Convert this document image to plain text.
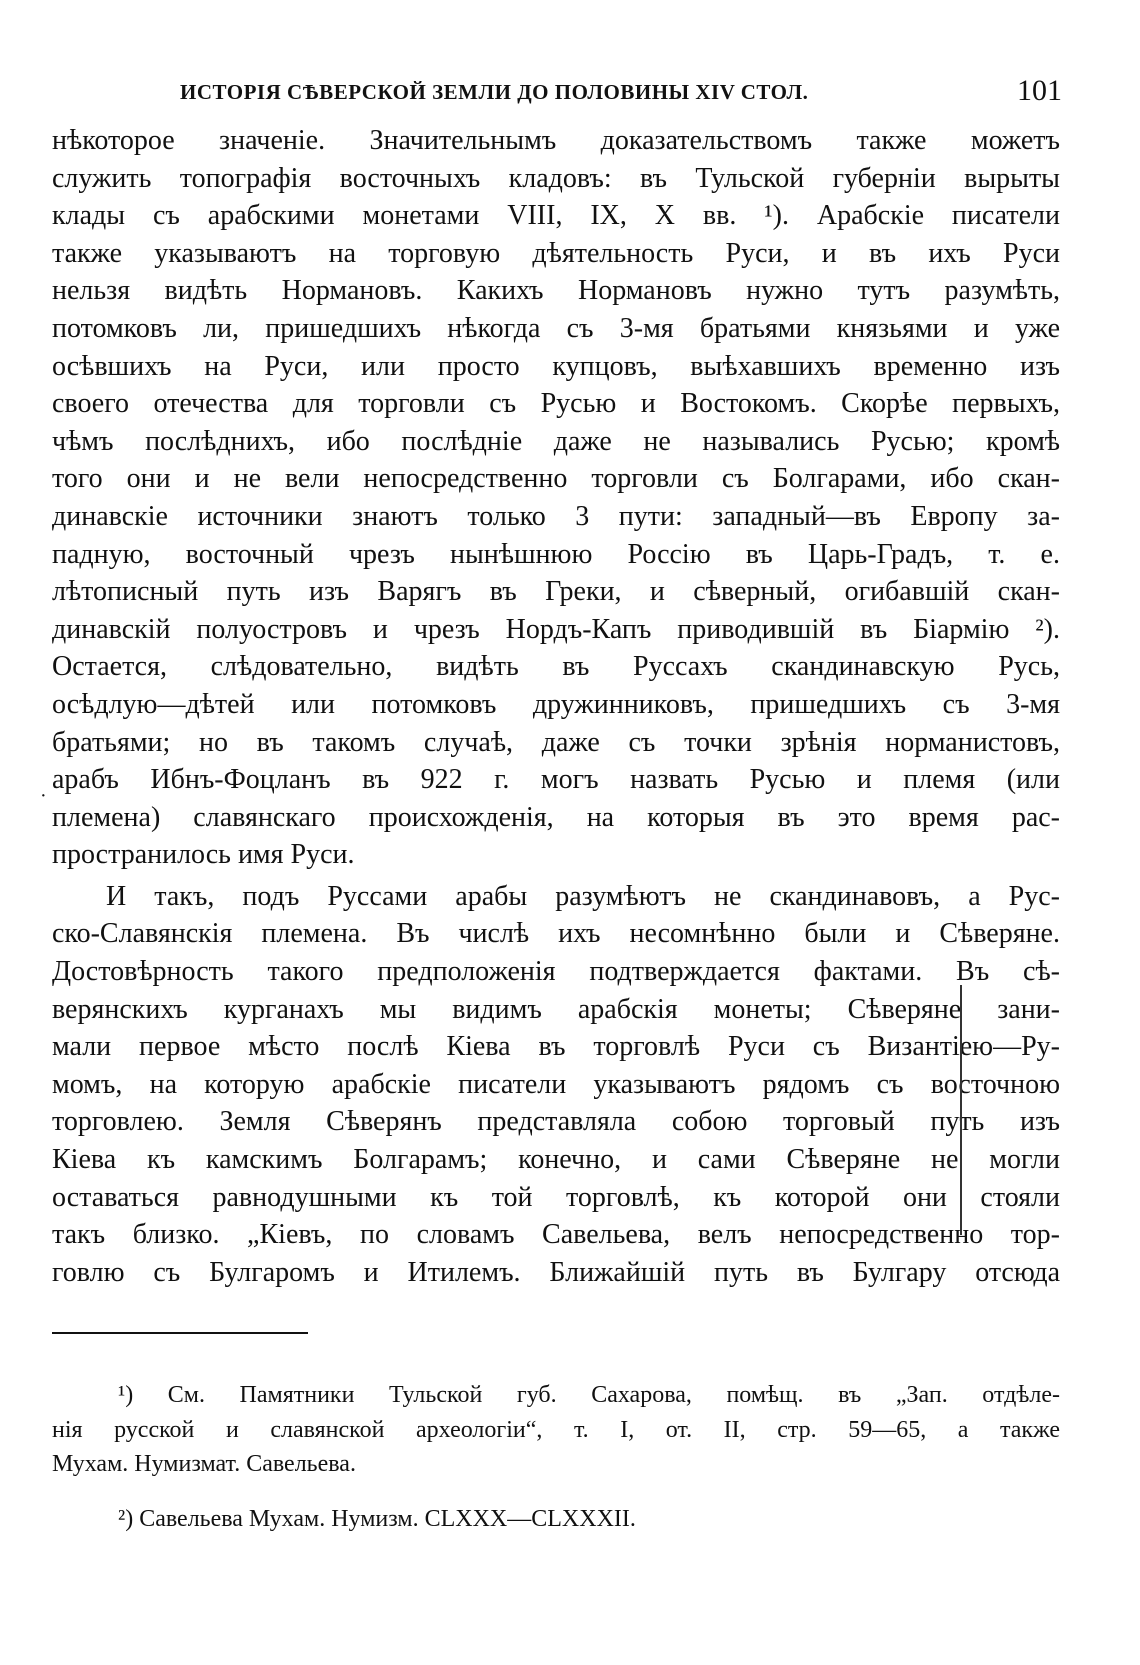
ИСТОРІЯ СѢВЕРСКОЙ ЗЕМЛИ ДО ПОЛОВИНЫ XIV СТОЛ.	101
нѣкоторое значеніе. Значительнымъ доказательствомъ также можетъ
служить топографія восточныхъ кладовъ: въ Тульской губерніи вырыты
клады съ арабскими монетами VIII, IX, X вв. ¹). Арабскіе писатели
также указываютъ на торговую дѣятельность Руси, и въ ихъ Руси
нельзя видѣть Норманoвъ. Какихъ Норманoвъ нужно тутъ разумѣть,
потомковъ ли, пришедшихъ нѣкогда съ 3-мя братьями князьями и уже
осѣвшихъ на Руси, или просто купцовъ, выѣхавшихъ временно изъ
своего отечества для торговли съ Русью и Востокомъ. Скорѣе первыхъ,
чѣмъ послѣднихъ, ибо послѣдніе даже не назывались Русью; кромѣ
того они и не вели непосредственно торговли съ Болгарами, ибо скан-
динавскіе источники знаютъ только 3 пути: западный—въ Европу за-
падную, восточный чрезъ нынѣшнюю Россію въ Царь-Градъ, т. е.
лѣтописный путь изъ Варягъ въ Греки, и сѣверный, огибавшій скан-
динавскій полуостровъ и чрезъ Нордъ-Капъ приводившій въ Біармію ²).
Остается, слѣдовательно, видѣть въ Руссахъ скандинавскую Русь,
осѣдлую—дѣтей или потомковъ дружинниковъ, пришедшихъ съ 3-мя
братьями; но въ такомъ случаѣ, даже съ точки зрѣнія норманистовъ,
арабъ Ибнъ-Фоцланъ въ 922 г. могъ назвать Русью и племя (или
племена) славянскаго происхожденія, на которыя въ это время рас-
пространилось имя Руси.
И такъ, подъ Руссами арабы разумѣютъ не скандинавовъ, а Рус-
ско-Славянскія племена. Въ числѣ ихъ несомнѣнно были и Сѣверяне.
Достовѣрность такого предположенія подтверждается фактами. Въ сѣ-
верянскихъ курганахъ мы видимъ арабскія монеты; Сѣверяне зани-
мали первое мѣсто послѣ Кіева въ торговлѣ Руси съ Византіею—Ру-
момъ, на которую арабскіе писатели указываютъ рядомъ съ восточною
торговлею. Земля Сѣверянъ представляла собою торговый путь изъ
Кіева къ камскимъ Болгарамъ; конечно, и сами Сѣверяне не могли
оставаться равнодушными къ той торговлѣ, къ которой они стояли
такъ близко. „Кіевъ, по словамъ Савельева, велъ непосредственно тор-
говлю съ Булгаромъ и Итилемъ. Ближайшій путь въ Булгару отсюда
·
¹) См. Памятники Тульской губ. Сахарова, помѣщ. въ „Зап. отдѣле-
нія русской и славянской археологіи“, т. I, от. II, стр. 59—65, а также
Мухам. Нумизмат. Савельева.
²) Савельева Мухам. Нумизм. CLXXX—CLXXXII.
